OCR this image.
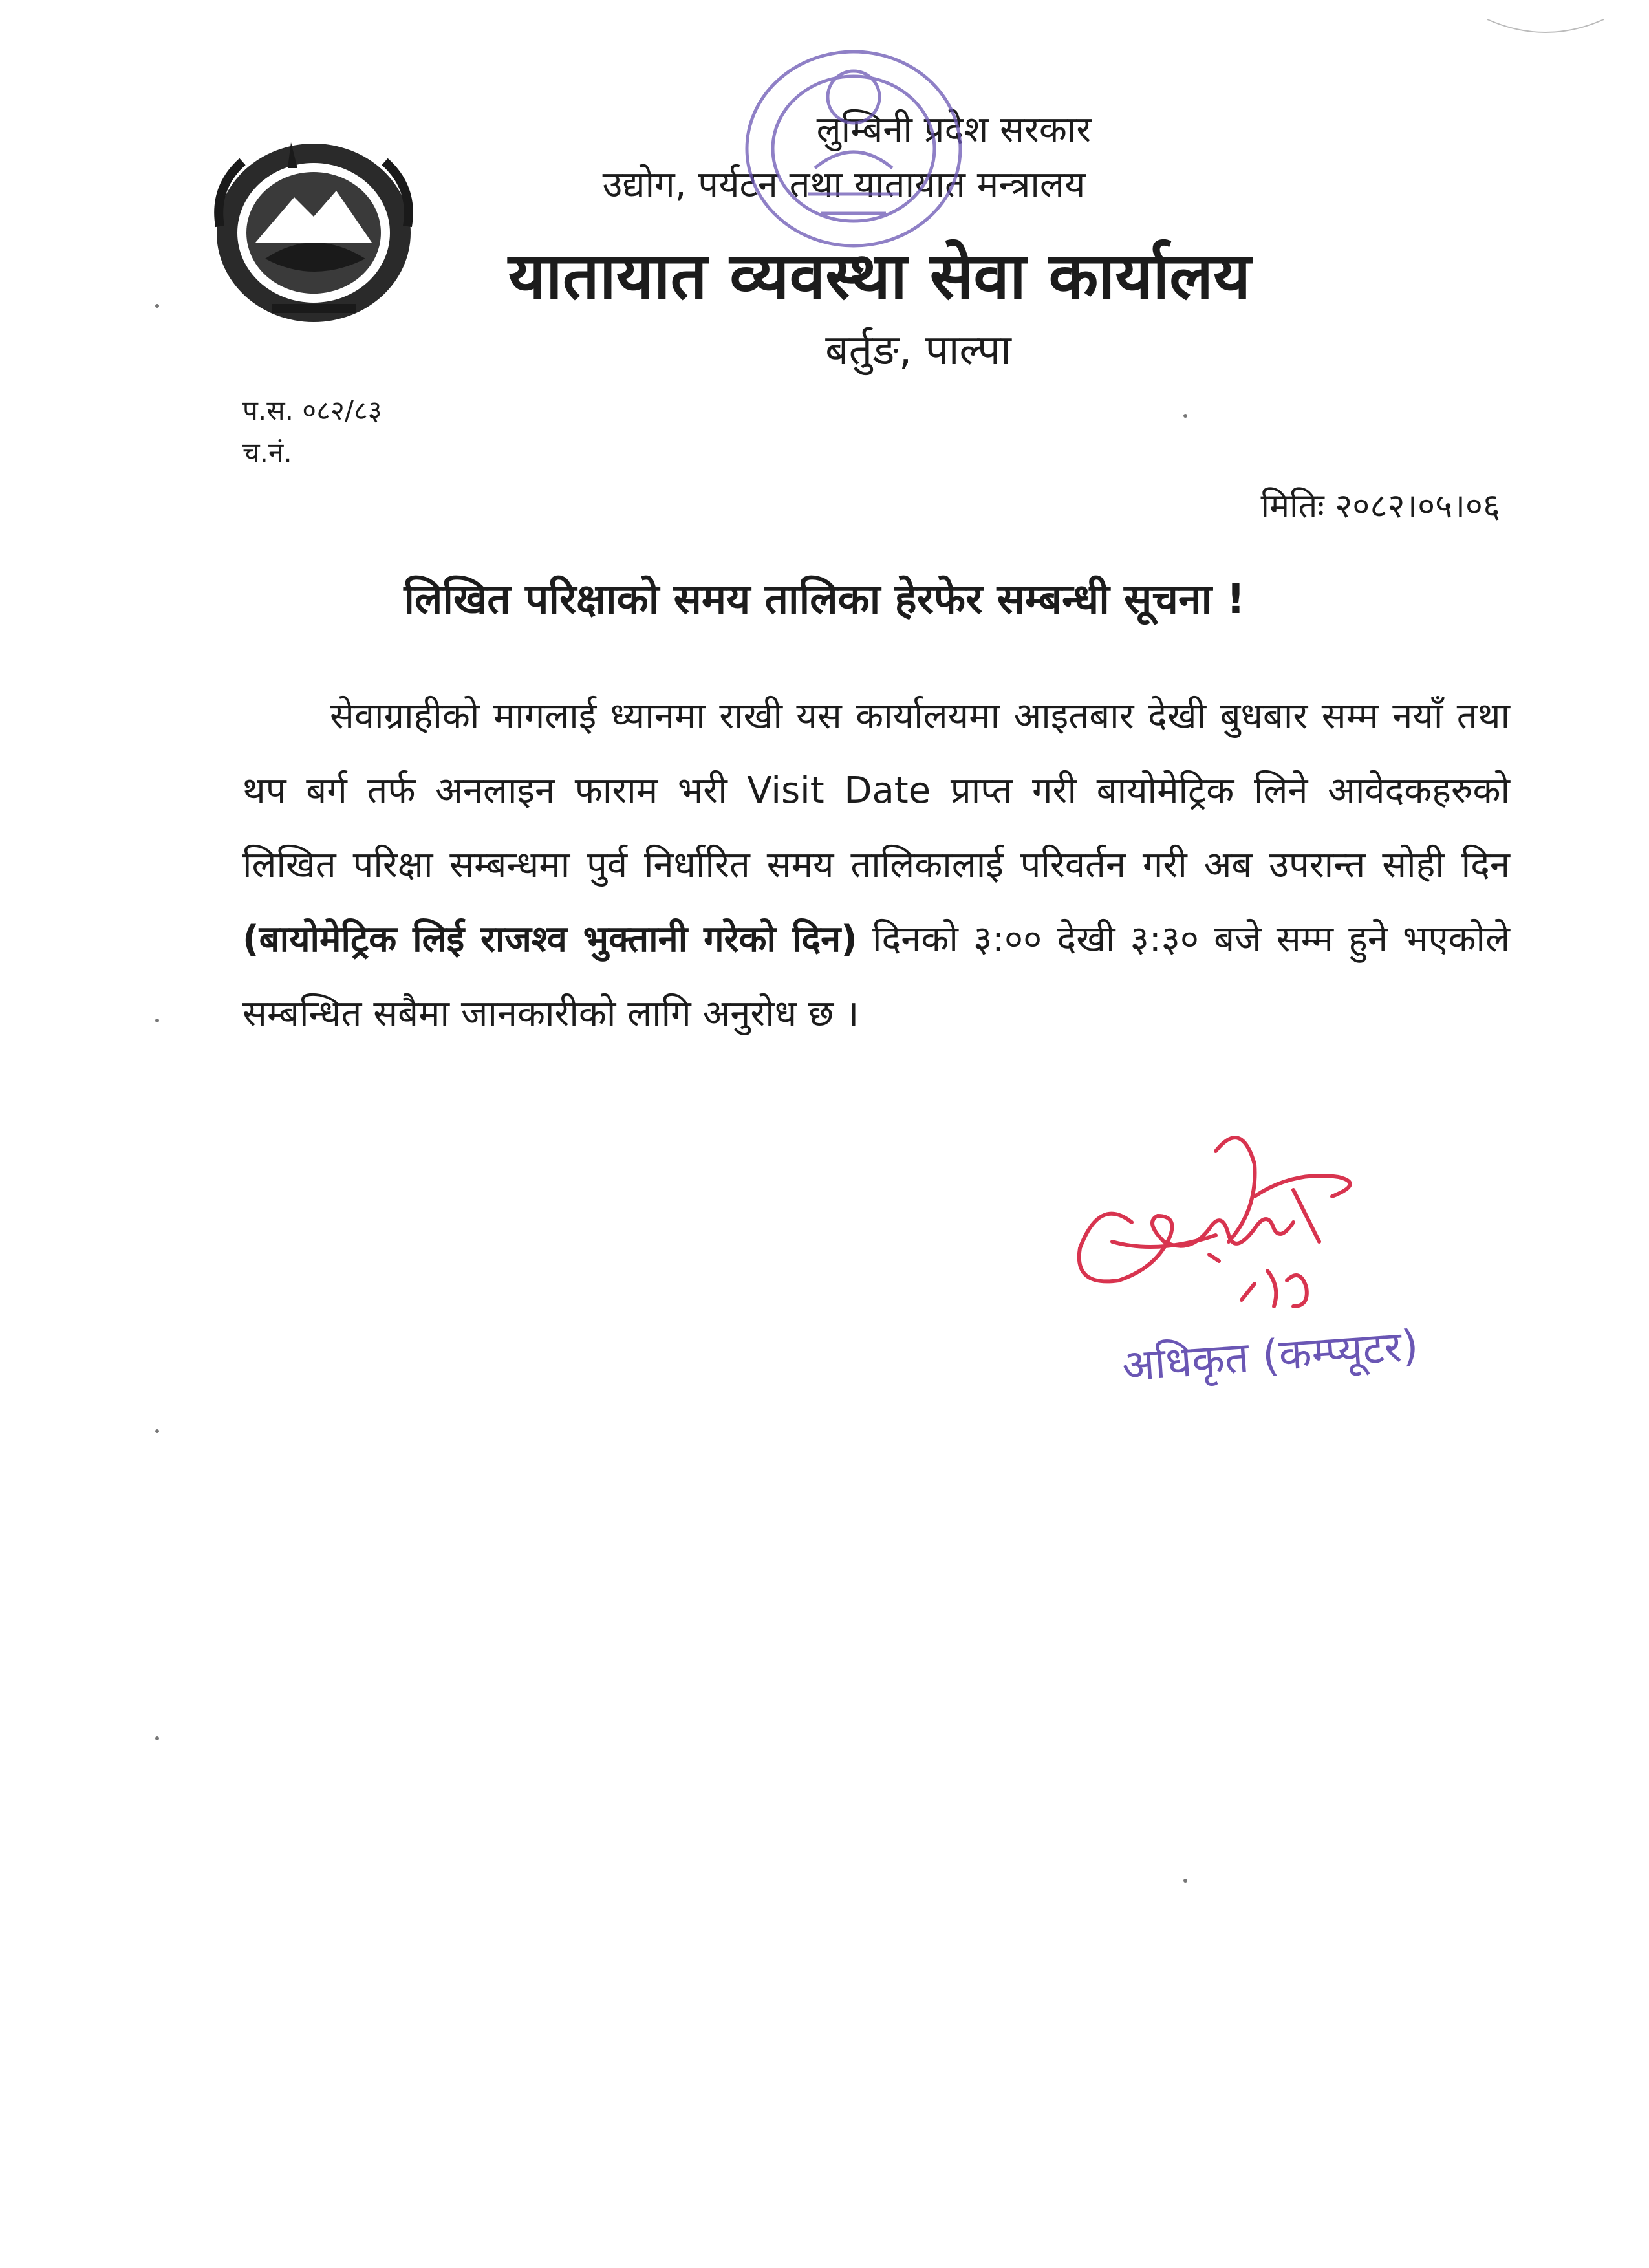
लुम्बिनी प्रदेश सरकार
उद्योग, पर्यटन तथा यातायात मन्त्रालय
यातायात व्यवस्था सेवा कार्यालय
बर्तुङ, पाल्पा
प.स. ०८२/८३
च.नं.
मितिः २०८२।०५।०६
लिखित परिक्षाको समय तालिका हेरफेर सम्बन्धी सूचना !
सेवाग्राहीको मागलाई ध्यानमा राखी यस कार्यालयमा आइतबार देखी बुधबार सम्म नयाँ तथा थप बर्ग तर्फ अनलाइन फाराम भरी Visit Date प्राप्त गरी बायोमेट्रिक लिने आवेदकहरुको लिखित परिक्षा सम्बन्धमा पुर्व निर्धारित समय तालिकालाई परिवर्तन गरी अब उपरान्त सोही दिन (बायोमेट्रिक लिई राजश्व भुक्तानी गरेको दिन) दिनको ३:०० देखी ३:३० बजे सम्म हुने भएकोले सम्बन्धित सबैमा जानकारीको लागि अनुरोध छ ।
अधिकृत (कम्प्यूटर)
